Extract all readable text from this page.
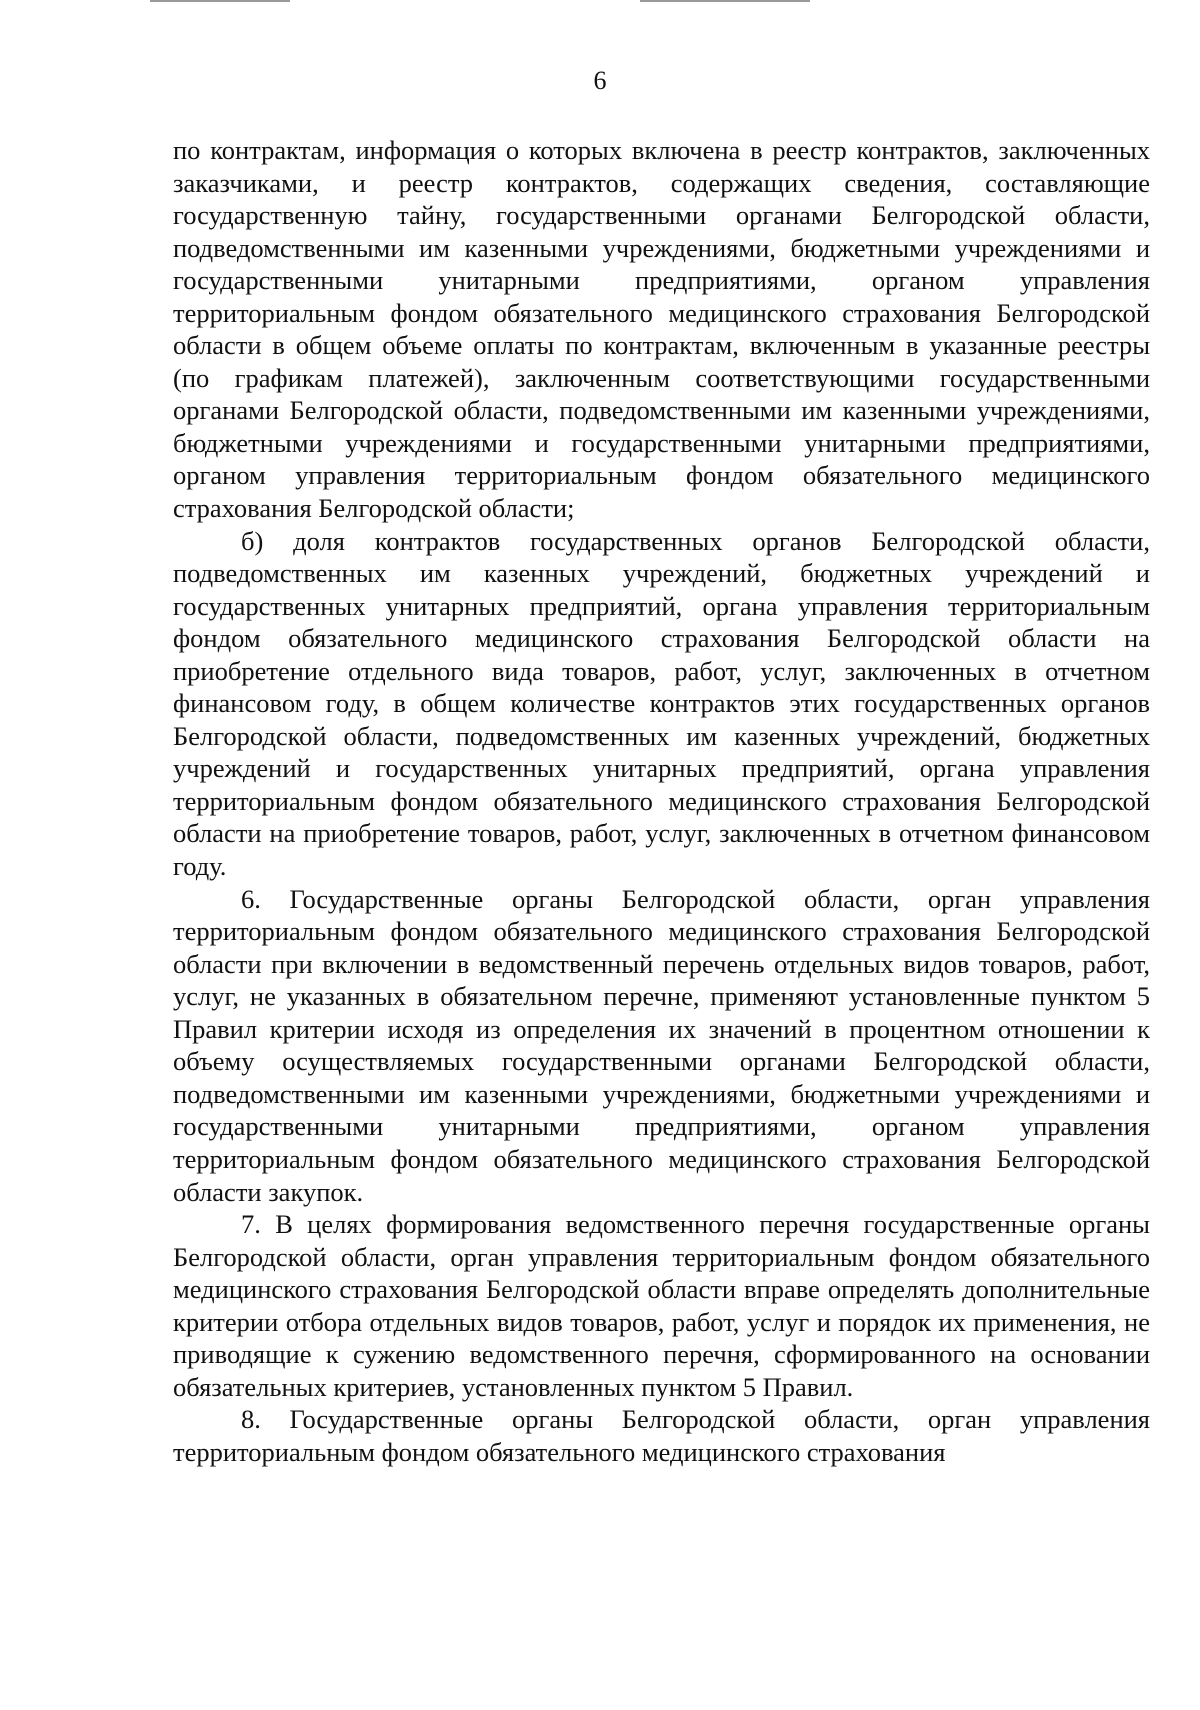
6

по контрактам, информация о которых включена в реестр контрактов, заключенных заказчиками, и реестр контрактов, содержащих сведения, составляющие государственную тайну, государственными органами Белгородской области, подведомственными им казенными учреждениями, бюджетными учреждениями и государственными унитарными предприятиями, органом управления территориальным фондом обязательного медицинского страхования Белгородской области в общем объеме оплаты по контрактам, включенным в указанные реестры (по графикам платежей), заключенным соответствующими государственными органами Белгородской области, подведомственными им казенными учреждениями, бюджетными учреждениями и государственными унитарными предприятиями, органом управления территориальным фондом обязательного медицинского страхования Белгородской области;

б) доля контрактов государственных органов Белгородской области, подведомственных им казенных учреждений, бюджетных учреждений и государственных унитарных предприятий, органа управления территориальным фондом обязательного медицинского страхования Белгородской области на приобретение отдельного вида товаров, работ, услуг, заключенных в отчетном финансовом году, в общем количестве контрактов этих государственных органов Белгородской области, подведомственных им казенных учреждений, бюджетных учреждений и государственных унитарных предприятий, органа управления территориальным фондом обязательного медицинского страхования Белгородской области на приобретение товаров, работ, услуг, заключенных в отчетном финансовом году.

6. Государственные органы Белгородской области, орган управления территориальным фондом обязательного медицинского страхования Белгородской области при включении в ведомственный перечень отдельных видов товаров, работ, услуг, не указанных в обязательном перечне, применяют установленные пунктом 5 Правил критерии исходя из определения их значений в процентном отношении к объему осуществляемых государственными органами Белгородской области, подведомственными им казенными учреждениями, бюджетными учреждениями и государственными унитарными предприятиями, органом управления территориальным фондом обязательного медицинского страхования Белгородской области закупок.

7. В целях формирования ведомственного перечня государственные органы Белгородской области, орган управления территориальным фондом обязательного медицинского страхования Белгородской области вправе определять дополнительные критерии отбора отдельных видов товаров, работ, услуг и порядок их применения, не приводящие к сужению ведомственного перечня, сформированного на основании обязательных критериев, установленных пунктом 5 Правил.

8. Государственные органы Белгородской области, орган управления территориальным фондом обязательного медицинского страхования
